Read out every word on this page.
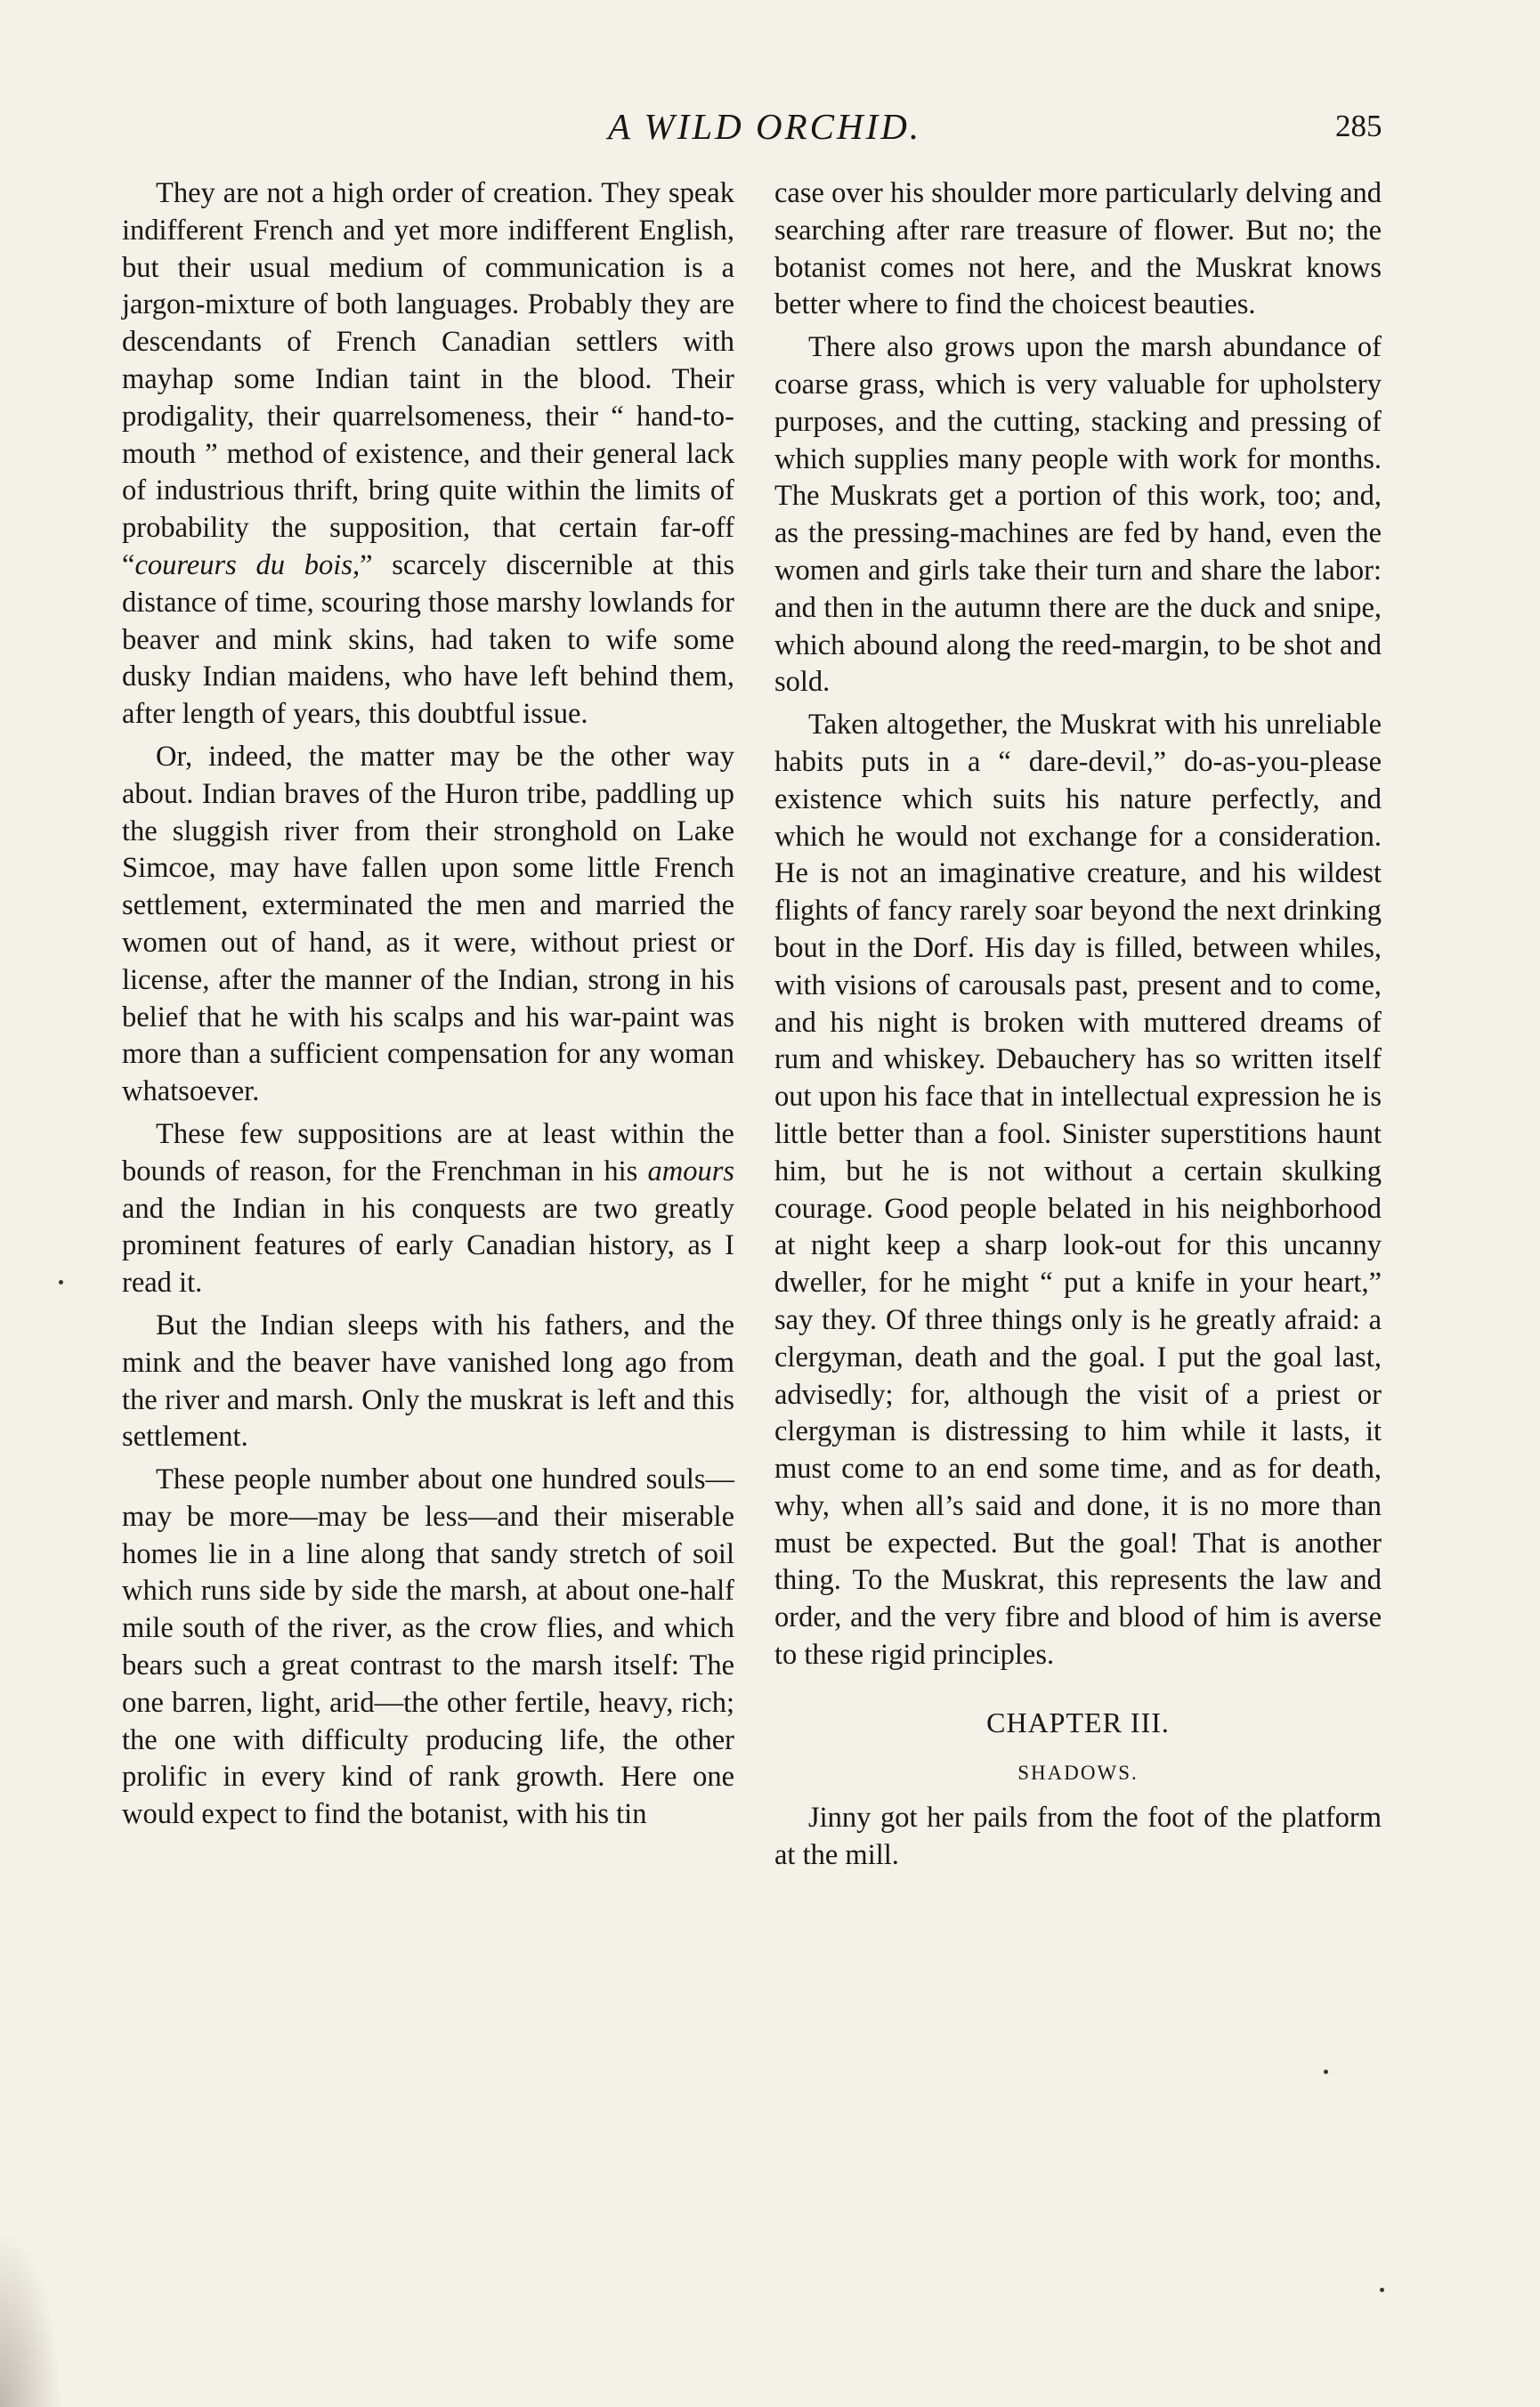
A WILD ORCHID.	285

They are not a high order of creation. They speak indifferent French and yet more indifferent English, but their usual medium of communication is a jargon-mixture of both languages. Probably they are descendants of French Canadian settlers with mayhap some Indian taint in the blood. Their prodigality, their quarrelsomeness, their “ hand-to-mouth ” method of existence, and their general lack of industrious thrift, bring quite within the limits of probability the supposition, that certain far-off “coureurs du bois,” scarcely discernible at this distance of time, scouring those marshy lowlands for beaver and mink skins, had taken to wife some dusky Indian maidens, who have left behind them, after length of years, this doubtful issue.

Or, indeed, the matter may be the other way about. Indian braves of the Huron tribe, paddling up the sluggish river from their stronghold on Lake Simcoe, may have fallen upon some little French settlement, exterminated the men and married the women out of hand, as it were, without priest or license, after the manner of the Indian, strong in his belief that he with his scalps and his war-paint was more than a sufficient compensation for any woman whatsoever.

These few suppositions are at least within the bounds of reason, for the Frenchman in his amours and the Indian in his conquests are two greatly prominent features of early Canadian history, as I read it.

But the Indian sleeps with his fathers, and the mink and the beaver have vanished long ago from the river and marsh. Only the muskrat is left and this settlement.

These people number about one hundred souls—may be more—may be less—and their miserable homes lie in a line along that sandy stretch of soil which runs side by side the marsh, at about one-half mile south of the river, as the crow flies, and which bears such a great contrast to the marsh itself: The one barren, light, arid—the other fertile, heavy, rich; the one with difficulty producing life, the other prolific in every kind of rank growth. Here one would expect to find the botanist, with his tin

case over his shoulder more particularly delving and searching after rare treasure of flower. But no; the botanist comes not here, and the Muskrat knows better where to find the choicest beauties.

There also grows upon the marsh abundance of coarse grass, which is very valuable for upholstery purposes, and the cutting, stacking and pressing of which supplies many people with work for months. The Muskrats get a portion of this work, too; and, as the pressing-machines are fed by hand, even the women and girls take their turn and share the labor: and then in the autumn there are the duck and snipe, which abound along the reed-margin, to be shot and sold.

Taken altogether, the Muskrat with his unreliable habits puts in a “ dare-devil,” do-as-you-please existence which suits his nature perfectly, and which he would not exchange for a consideration. He is not an imaginative creature, and his wildest flights of fancy rarely soar beyond the next drinking bout in the Dorf. His day is filled, between whiles, with visions of carousals past, present and to come, and his night is broken with muttered dreams of rum and whiskey. Debauchery has so written itself out upon his face that in intellectual expression he is little better than a fool. Sinister superstitions haunt him, but he is not without a certain skulking courage. Good people belated in his neighborhood at night keep a sharp look-out for this uncanny dweller, for he might “ put a knife in your heart,” say they. Of three things only is he greatly afraid: a clergyman, death and the goal. I put the goal last, advisedly; for, although the visit of a priest or clergyman is distressing to him while it lasts, it must come to an end some time, and as for death, why, when all’s said and done, it is no more than must be expected. But the goal! That is another thing. To the Muskrat, this represents the law and order, and the very fibre and blood of him is averse to these rigid principles.

CHAPTER III.
SHADOWS.

Jinny got her pails from the foot of the platform at the mill.
